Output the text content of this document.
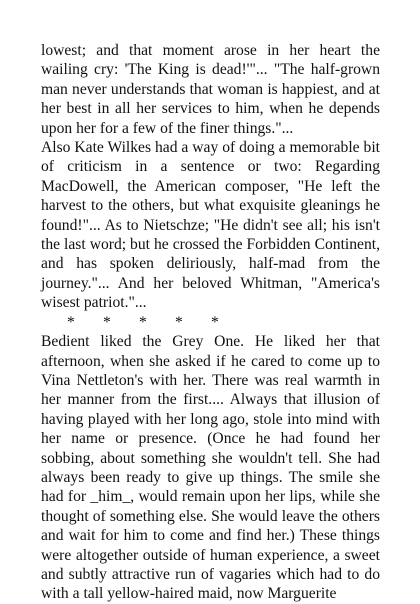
lowest; and that moment arose in her heart the wailing cry: 'The King is dead!'"... "The half-grown man never understands that woman is happiest, and at her best in all her services to him, when he depends upon her for a few of the finer things."...

Also Kate Wilkes had a way of doing a memorable bit of criticism in a sentence or two: Regarding MacDowell, the American composer, "He left the harvest to the others, but what exquisite gleanings he found!"... As to Nietschze; "He didn't see all; his isn't the last word; but he crossed the Forbidden Continent, and has spoken deliriously, half-mad from the journey."... And her beloved Whitman, "America's wisest patriot."...

* * * * *

Bedient liked the Grey One. He liked her that afternoon, when she asked if he cared to come up to Vina Nettleton's with her. There was real warmth in her manner from the first.... Always that illusion of having played with her long ago, stole into mind with her name or presence. (Once he had found her sobbing, about something she wouldn't tell. She had always been ready to give up things. The smile she had for _him_, would remain upon her lips, while she thought of something else. She would leave the others and wait for him to come and find her.) These things were altogether outside of human experience, a sweet and subtly attractive run of vagaries which had to do with a tall yellow-haired maid, now Marguerite
